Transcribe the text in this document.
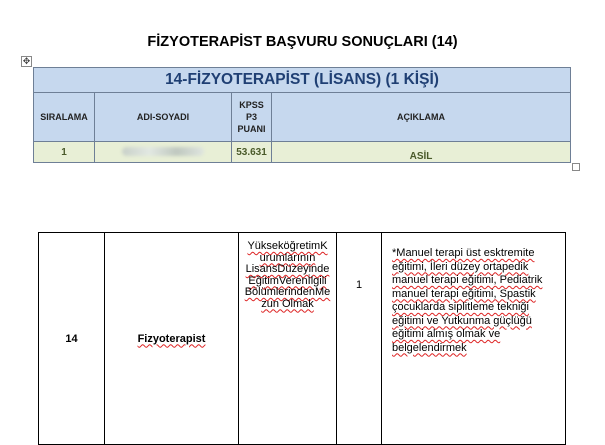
FİZYOTERAPİST BAŞVURU SONUÇLARI (14)
✥
14-FİZYOTERAPİST (LİSANS) (1 KİŞİ)			
SIRALAMA	ADI-SOYADI	KPSS
P3
PUANI	AÇIKLAMA
1		53.631	ASİL
14	Fizyoterapist	YükseköğretimK
urumlarının
LisansDüzeyinde
EğitimVerenİlgili
BölümlerindenMe
zun Olmak	1	*Manuel terapi üst esktremite eğitimi, İleri düzey ortapedik manuel terapi eğitimi, Pediatrik manuel terapi eğitimi, Spastik çocuklarda siplitleme tekniği eğitimi ve Yutkunma güçlüğü eğitimi almış olmak ve belgelendirmek
